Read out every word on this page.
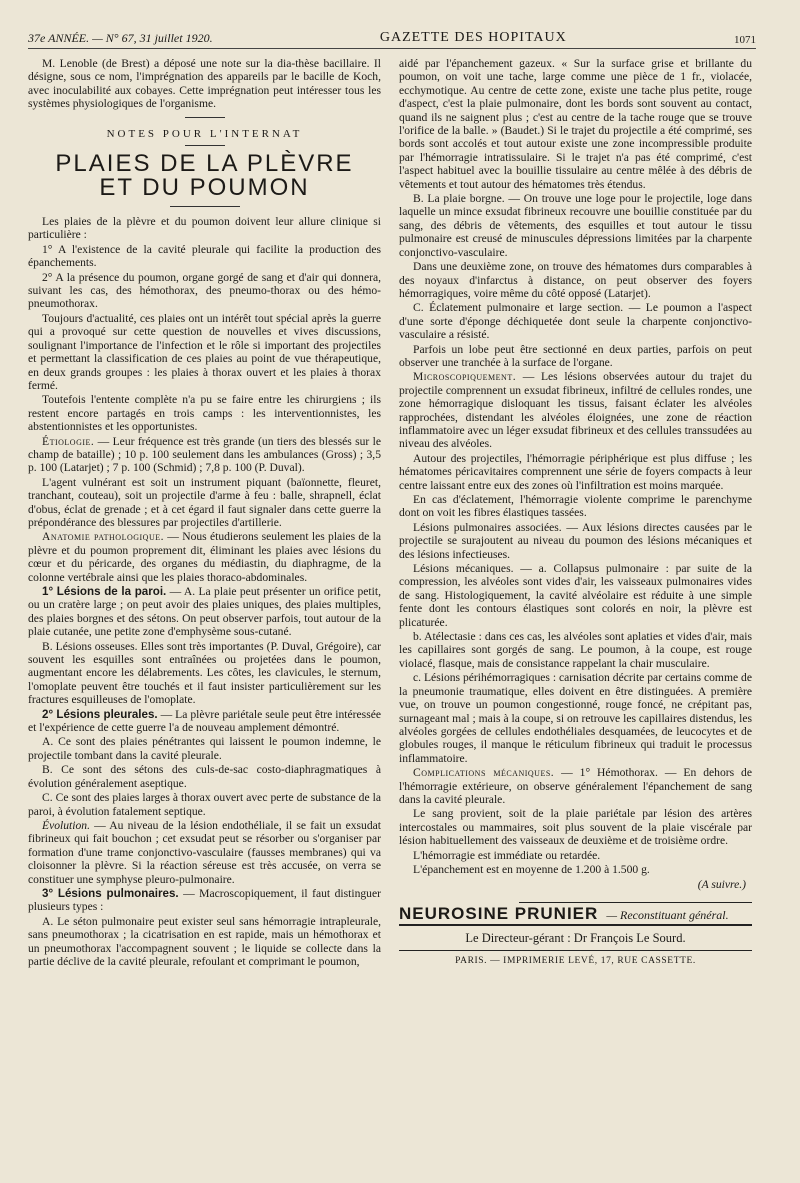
37e ANNÉE. — N° 67, 31 juillet 1920.	GAZETTE DES HOPITAUX	1071

M. Lenoble (de Brest) a déposé une note sur la dia-thèse bacillaire. Il désigne, sous ce nom, l'imprégnation des appareils par le bacille de Koch, avec inoculabilité aux cobayes. Cette imprégnation peut intéresser tous les systèmes physiologiques de l'organisme.

NOTES POUR L'INTERNAT
PLAIES DE LA PLÈVRE
ET DU POUMON

Les plaies de la plèvre et du poumon doivent leur allure clinique si particulière :

1° A l'existence de la cavité pleurale qui facilite la production des épanchements.

2° A la présence du poumon, organe gorgé de sang et d'air qui donnera, suivant les cas, des hémothorax, des pneumo-thorax ou des hémo-pneumothorax.

Toujours d'actualité, ces plaies ont un intérêt tout spécial après la guerre qui a provoqué sur cette question de nouvelles et vives discussions, soulignant l'importance de l'infection et le rôle si important des projectiles et permettant la classification de ces plaies au point de vue thérapeutique, en deux grands groupes : les plaies à thorax ouvert et les plaies à thorax fermé.

Toutefois l'entente complète n'a pu se faire entre les chirurgiens ; ils restent encore partagés en trois camps : les interventionnistes, les abstentionnistes et les opportunistes.

Étiologie. — Leur fréquence est très grande (un tiers des blessés sur le champ de bataille) ; 10 p. 100 seulement dans les ambulances (Gross) ; 3,5 p. 100 (Latarjet) ; 7 p. 100 (Schmid) ; 7,8 p. 100 (P. Duval).

L'agent vulnérant est soit un instrument piquant (baïonnette, fleuret, tranchant, couteau), soit un projectile d'arme à feu : balle, shrapnell, éclat d'obus, éclat de grenade ; et à cet égard il faut signaler dans cette guerre la prépondérance des blessures par projectiles d'artillerie.

Anatomie pathologique. — Nous étudierons seulement les plaies de la plèvre et du poumon proprement dit, éliminant les plaies avec lésions du cœur et du péricarde, des organes du médiastin, du diaphragme, de la colonne vertébrale ainsi que les plaies thoraco-abdominales.

1° Lésions de la paroi. — A. La plaie peut présenter un orifice petit, ou un cratère large ; on peut avoir des plaies uniques, des plaies multiples, des plaies borgnes et des sétons. On peut observer parfois, tout autour de la plaie cutanée, une petite zone d'emphysème sous-cutané.

B. Lésions osseuses. Elles sont très importantes (P. Duval, Grégoire), car souvent les esquilles sont entraînées ou projetées dans le poumon, augmentant encore les délabrements. Les côtes, les clavicules, le sternum, l'omoplate peuvent être touchés et il faut insister particulièrement sur les fractures esquilleuses de l'omoplate.

2° Lésions pleurales. — La plèvre pariétale seule peut être intéressée et l'expérience de cette guerre l'a de nouveau amplement démontré.

A. Ce sont des plaies pénétrantes qui laissent le poumon indemne, le projectile tombant dans la cavité pleurale.

B. Ce sont des sétons des culs-de-sac costo-diaphragmatiques à évolution généralement aseptique.

C. Ce sont des plaies larges à thorax ouvert avec perte de substance de la paroi, à évolution fatalement septique.

Évolution. — Au niveau de la lésion endothéliale, il se fait un exsudat fibrineux qui fait bouchon ; cet exsudat peut se résorber ou s'organiser par formation d'une trame conjonctivo-vasculaire (fausses membranes) qui va cloisonner la plèvre. Si la réaction séreuse est très accusée, on verra se constituer une symphyse pleuro-pulmonaire.

3° Lésions pulmonaires. — Macroscopiquement, il faut distinguer plusieurs types :

A. Le séton pulmonaire peut exister seul sans hémorragie intrapleurale, sans pneumothorax ; la cicatrisation en est rapide, mais un hémothorax et un pneumothorax l'accompagnent souvent ; le liquide se collecte dans la partie déclive de la cavité pleurale, refoulant et comprimant le poumon,

aidé par l'épanchement gazeux. « Sur la surface grise et brillante du poumon, on voit une tache, large comme une pièce de 1 fr., violacée, ecchymotique. Au centre de cette zone, existe une tache plus petite, rouge d'aspect, c'est la plaie pulmonaire, dont les bords sont souvent au contact, quand ils ne saignent plus ; c'est au centre de la tache rouge que se trouve l'orifice de la balle. » (Baudet.) Si le trajet du projectile a été comprimé, ses bords sont accolés et tout autour existe une zone incompressible produite par l'hémorragie intratissulaire. Si le trajet n'a pas été comprimé, c'est l'aspect habituel avec la bouillie tissulaire au centre mêlée à des débris de vêtements et tout autour des hématomes très étendus.

B. La plaie borgne. — On trouve une loge pour le projectile, loge dans laquelle un mince exsudat fibrineux recouvre une bouillie constituée par du sang, des débris de vêtements, des esquilles et tout autour le tissu pulmonaire est creusé de minuscules dépressions limitées par la charpente conjonctivo-vasculaire.

Dans une deuxième zone, on trouve des hématomes durs comparables à des noyaux d'infarctus à distance, on peut observer des foyers hémorragiques, voire même du côté opposé (Latarjet).

C. Éclatement pulmonaire et large section. — Le poumon a l'aspect d'une sorte d'éponge déchiquetée dont seule la charpente conjonctivo-vasculaire a résisté.

Parfois un lobe peut être sectionné en deux parties, parfois on peut observer une tranchée à la surface de l'organe.

Microscopiquement. — Les lésions observées autour du trajet du projectile comprennent un exsudat fibrineux, infiltré de cellules rondes, une zone hémorragique disloquant les tissus, faisant éclater les alvéoles rapprochées, distendant les alvéoles éloignées, une zone de réaction inflammatoire avec un léger exsudat fibrineux et des cellules transsudées au niveau des alvéoles.

Autour des projectiles, l'hémorragie périphérique est plus diffuse ; les hématomes péricavitaires comprennent une série de foyers compacts à leur centre laissant entre eux des zones où l'infiltration est moins marquée.

En cas d'éclatement, l'hémorragie violente comprime le parenchyme dont on voit les fibres élastiques tassées.

Lésions pulmonaires associées. — Aux lésions directes causées par le projectile se surajoutent au niveau du poumon des lésions mécaniques et des lésions infectieuses.

Lésions mécaniques. — a. Collapsus pulmonaire : par suite de la compression, les alvéoles sont vides d'air, les vaisseaux pulmonaires vides de sang. Histologiquement, la cavité alvéolaire est réduite à une simple fente dont les contours élastiques sont colorés en noir, la plèvre est plicaturée.

b. Atélectasie : dans ces cas, les alvéoles sont aplaties et vides d'air, mais les capillaires sont gorgés de sang. Le poumon, à la coupe, est rouge violacé, flasque, mais de consistance rappelant la chair musculaire.

c. Lésions périhémorragiques : carnisation décrite par certains comme de la pneumonie traumatique, elles doivent en être distinguées. A première vue, on trouve un poumon congestionné, rouge foncé, ne crépitant pas, surnageant mal ; mais à la coupe, si on retrouve les capillaires distendus, les alvéoles gorgées de cellules endothéliales desquamées, de leucocytes et de globules rouges, il manque le réticulum fibrineux qui traduit le processus inflammatoire.

Complications mécaniques. — 1° Hémothorax. — En dehors de l'hémorragie extérieure, on observe généralement l'épanchement de sang dans la cavité pleurale.

Le sang provient, soit de la plaie pariétale par lésion des artères intercostales ou mammaires, soit plus souvent de la plaie viscérale par lésion habituellement des vaisseaux de deuxième et de troisième ordre.

L'hémorragie est immédiate ou retardée.

L'épanchement est en moyenne de 1.200 à 1.500 g.

(A suivre.)
NEUROSINE PRUNIER — Reconstituant général.
Le Directeur-gérant : Dr François Le Sourd.
PARIS. — IMPRIMERIE LEVÉ, 17, RUE CASSETTE.
